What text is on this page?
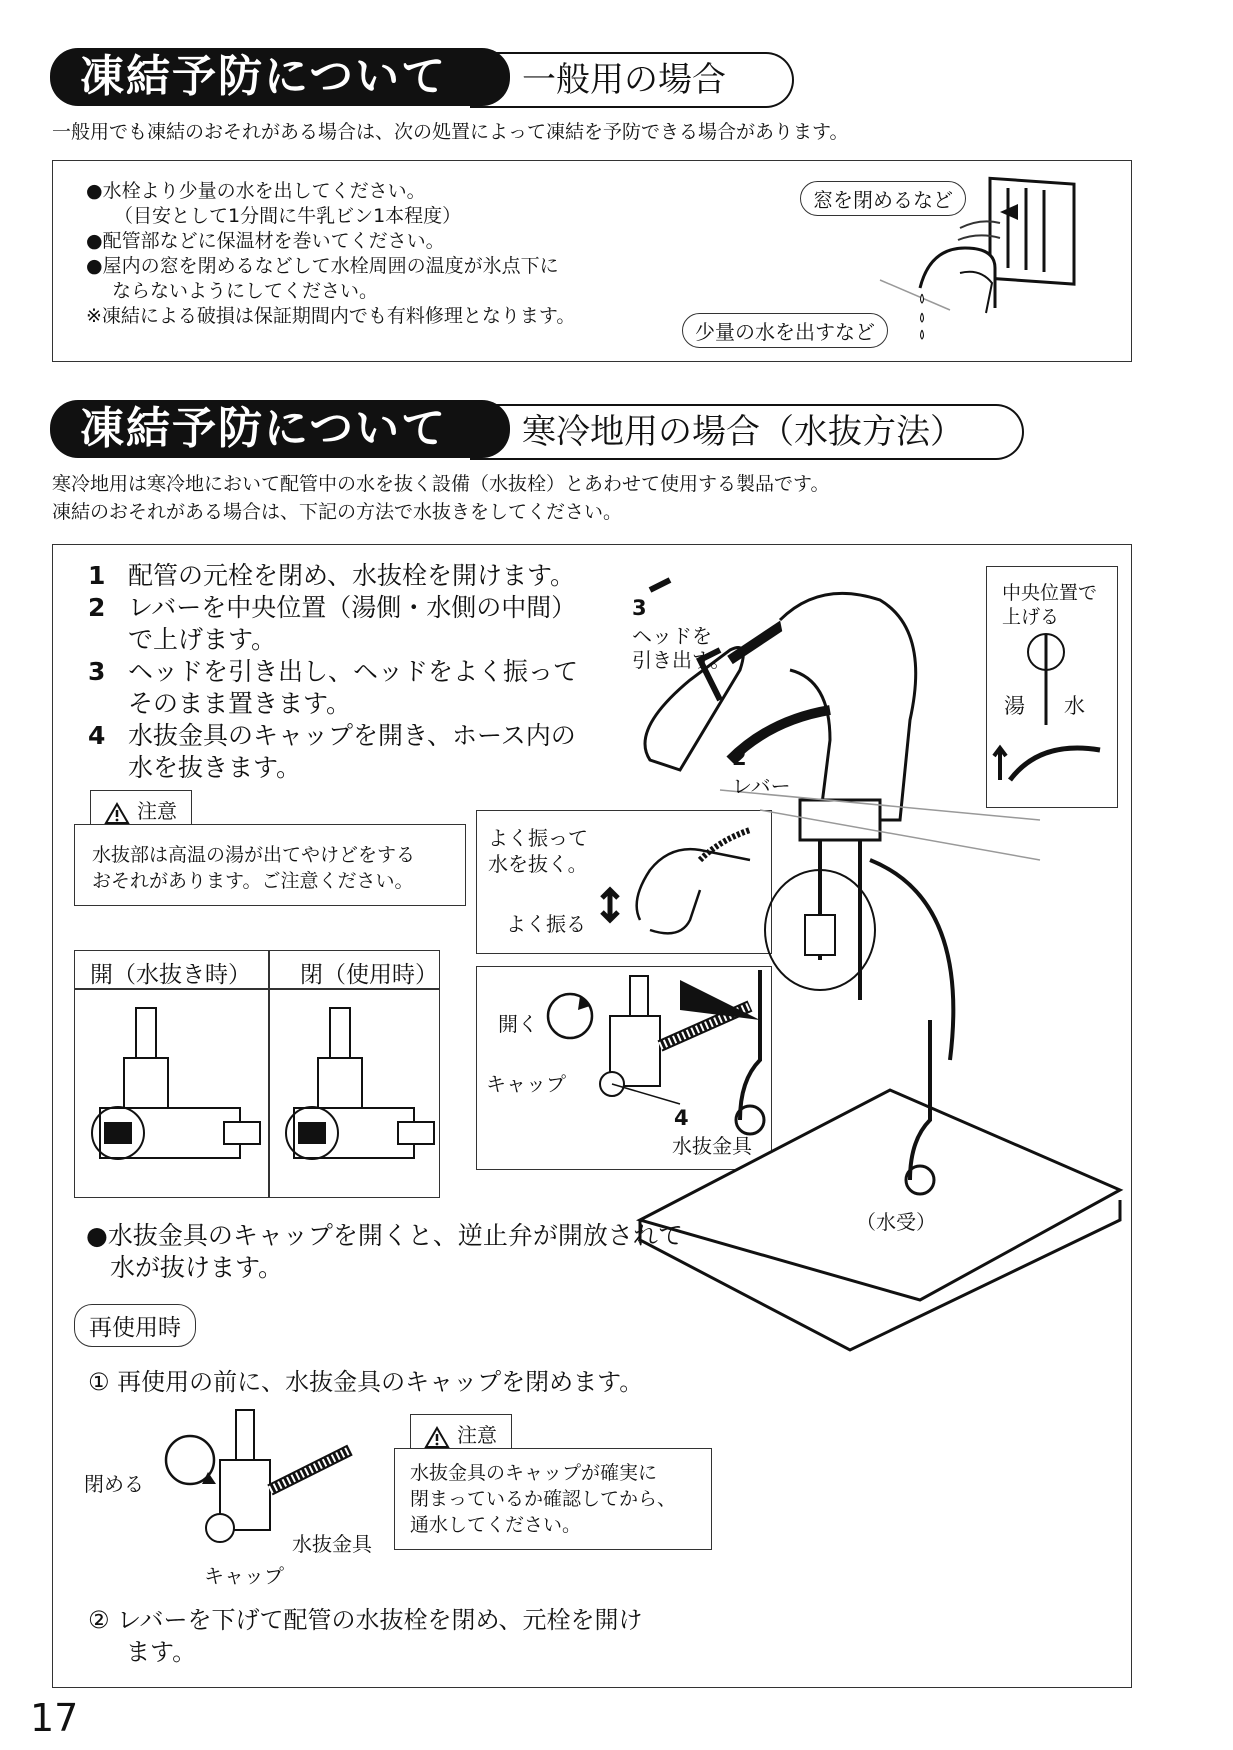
一般用の場合
凍結予防について
一般用でも凍結のおそれがある場合は、次の処置によって凍結を予防できる場合があります。
●水栓より少量の水を出してください。
（目安として1分間に牛乳ビン1本程度）
●配管部などに保温材を巻いてください。
●屋内の窓を閉めるなどして水栓周囲の温度が氷点下に
ならないようにしてください。
※凍結による破損は保証期間内でも有料修理となります。
窓を閉めるなど
少量の水を出すなど
寒冷地用の場合（水抜方法）
凍結予防について
寒冷地用は寒冷地において配管中の水を抜く設備（水抜栓）とあわせて使用する製品です。
凍結のおそれがある場合は、下記の方法で水抜きをしてください。
1 配管の元栓を閉め、水抜栓を開けます。
2 レバーを中央位置（湯側・水側の中間）
で上げます。
3 ヘッドを引き出し、ヘッドをよく振って
そのまま置きます。
4 水抜金具のキャップを開き、ホース内の
水を抜きます。
注意
水抜部は高温の湯が出てやけどをする
おそれがあります。ご注意ください。
よく振って
水を抜く。
よく振る
開（水抜き時） 閉（使用時）
開く
キャップ
4
水抜金具
3
ヘッドを
引き出す。
2
レバー
中央位置で
上げる
湯 水
（水受）
●水抜金具のキャップを開くと、逆止弁が開放されて
水が抜けます。
再使用時
① 再使用の前に、水抜金具のキャップを閉めます。
閉める
水抜金具
キャップ
注意
水抜金具のキャップが確実に
閉まっているか確認してから、
通水してください。
② レバーを下げて配管の水抜栓を閉め、元栓を開け
ます。
17
